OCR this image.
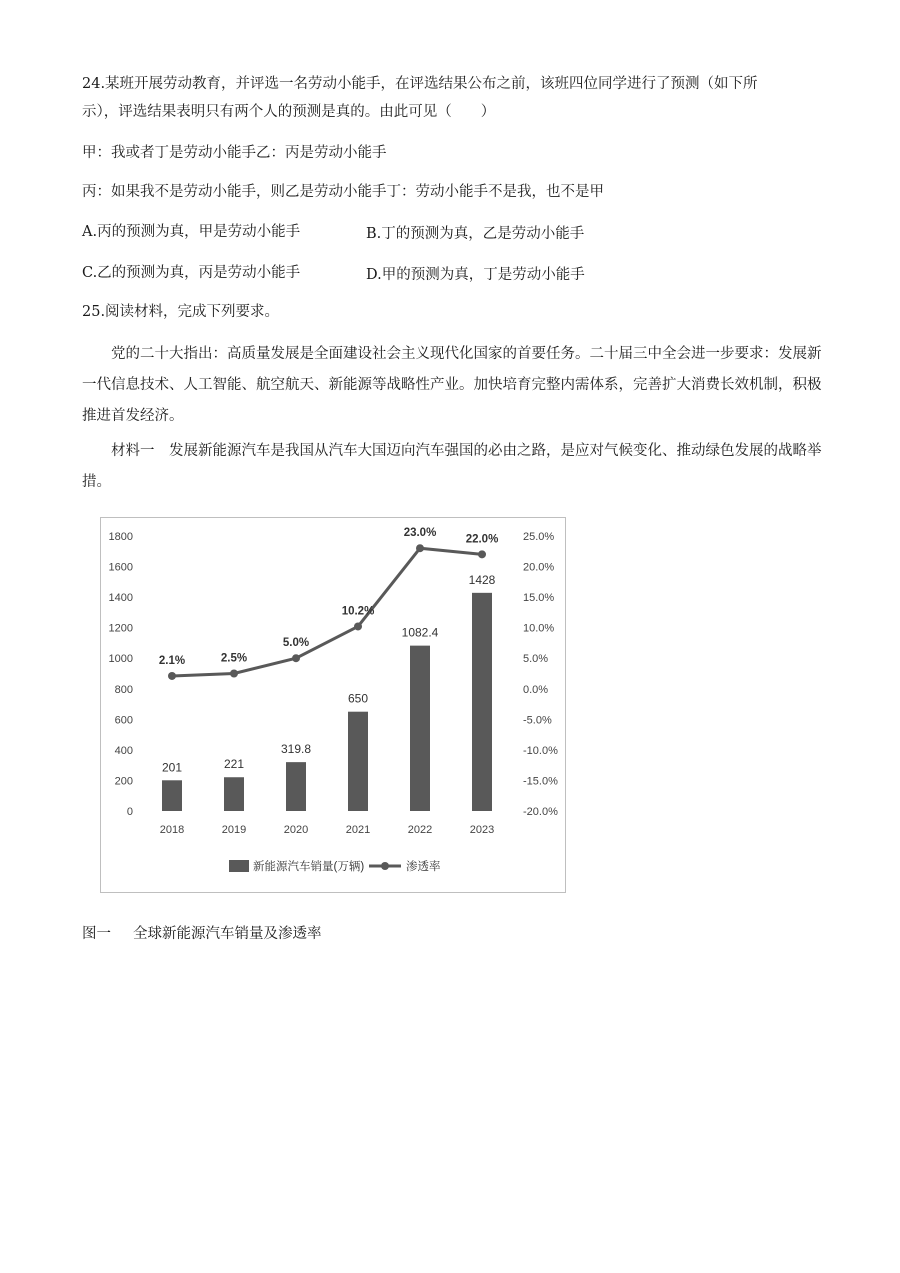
24.某班开展劳动教育，并评选一名劳动小能手，在评选结果公布之前，该班四位同学进行了预测（如下所
示），评选结果表明只有两个人的预测是真的。由此可见（　　）
甲：我或者丁是劳动小能手乙：丙是劳动小能手
丙：如果我不是劳动小能手，则乙是劳动小能手丁：劳动小能手不是我，也不是甲
A.丙的预测为真，甲是劳动小能手	B.丁的预测为真，乙是劳动小能手
C.乙的预测为真，丙是劳动小能手	D.甲的预测为真，丁是劳动小能手
25.阅读材料，完成下列要求。
党的二十大指出：高质量发展是全面建设社会主义现代化国家的首要任务。二十届三中全会进一步要求：发展新一代信息技术、人工智能、航空航天、新能源等战略性产业。加快培育完整内需体系，完善扩大消费长效机制，积极推进首发经济。
材料一　发展新能源汽车是我国从汽车大国迈向汽车强国的必由之路，是应对气候变化、推动绿色发展的战略举措。
0
200
400
600
800
1000
1200
1400
1600
1800
-20.0%
-15.0%
-10.0%
-5.0%
0.0%
5.0%
10.0%
15.0%
20.0%
25.0%
201
2018
221
2019
319.8
2020
650
2021
1082.4
2022
1428
2023
2.1%	2.5%
5.0%
10.2%
23.0%
22.0%
新能源汽车销量(万辆)	渗透率
图一 全球新能源汽车销量及渗透率
